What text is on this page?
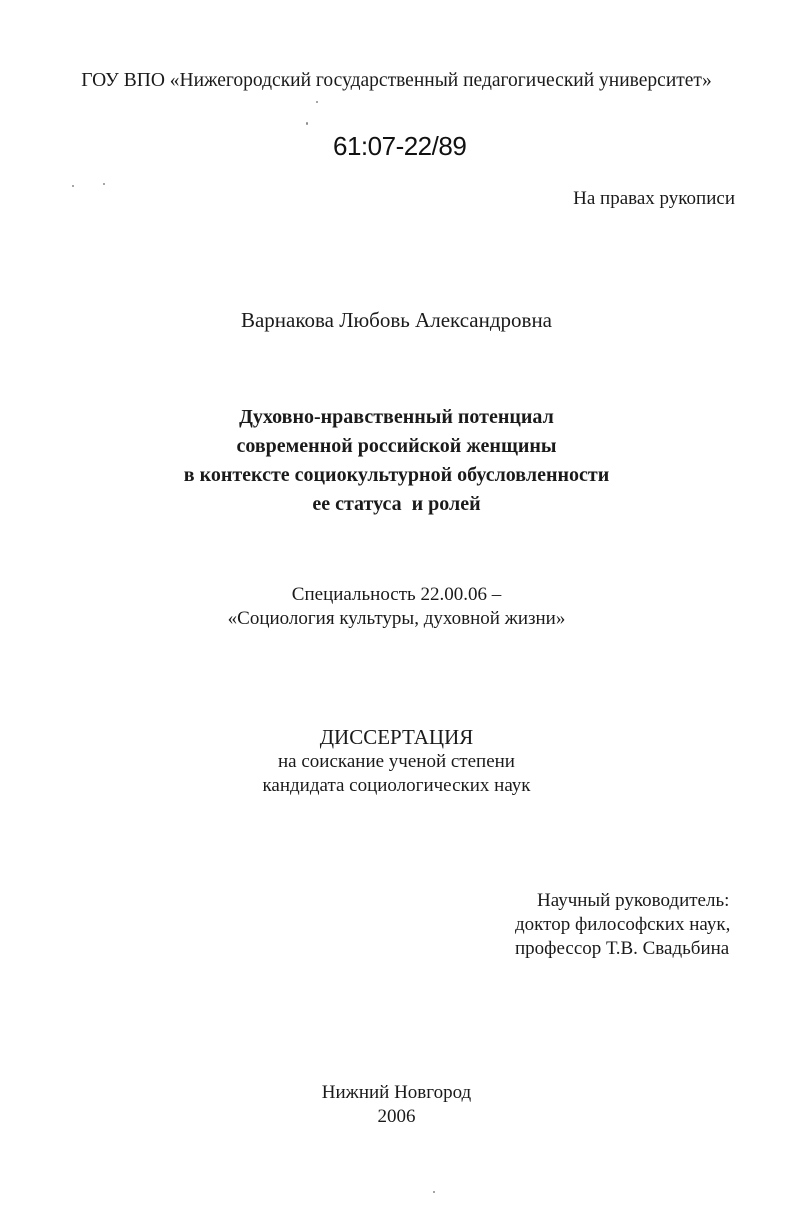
ГОУ ВПО «Нижегородский государственный педагогический университет»
61:07-22/89
На правах рукописи
Варнакова Любовь Александровна
Духовно-нравственный потенциал
современной российской женщины
в контексте социокультурной обусловленности
ее статуса  и ролей
Специальность 22.00.06 –
«Социология культуры, духовной жизни»
ДИССЕРТАЦИЯ
на соискание ученой степени
кандидата социологических наук
Научный руководитель:
доктор философских наук,
профессор Т.В. Свадьбина
Нижний Новгород
2006
